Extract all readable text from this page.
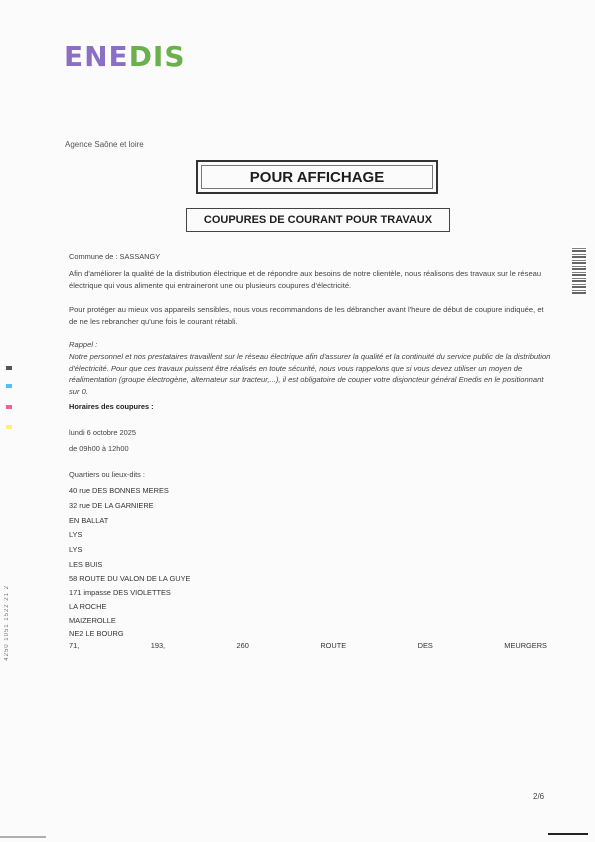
ENEDIS
Agence Saône et loire
POUR AFFICHAGE
COUPURES DE COURANT POUR TRAVAUX
Commune de : SASSANGY
Afin d'améliorer la qualité de la distribution électrique et de répondre aux besoins de notre clientèle, nous réalisons des travaux sur le réseau électrique qui vous alimente qui entraineront une ou plusieurs coupures d'électricité.
Pour protéger au mieux vos appareils sensibles, nous vous recommandons de les débrancher avant l'heure de début de coupure indiquée, et de ne les rebrancher qu'une fois le courant rétabli.
Rappel :
Notre personnel et nos prestataires travaillent sur le réseau électrique afin d'assurer la qualité et la continuité du service public de la distribution d'électricité. Pour que ces travaux puissent être réalisés en toute sécurité, nous vous rappelons que si vous devez utiliser un moyen de réalimentation (groupe électrogène, alternateur sur tracteur,...), il est obligatoire de couper votre disjoncteur général Enedis en le positionnant sur 0.
Horaires des coupures :
lundi 6 octobre 2025
de 09h00 à 12h00
Quartiers ou lieux-dits :
40 rue DES BONNES MERES
32 rue DE LA GARNIERE
EN BALLAT
LYS
LYS
LES BUIS
58 ROUTE DU VALON DE LA GUYE
171 impasse DES VIOLETTES
LA ROCHE
MAIZEROLLE
NE2 LE BOURG
71,	193,	260	ROUTE	DES	MEURGERS
2/6
4250 1051 1522 21 2
